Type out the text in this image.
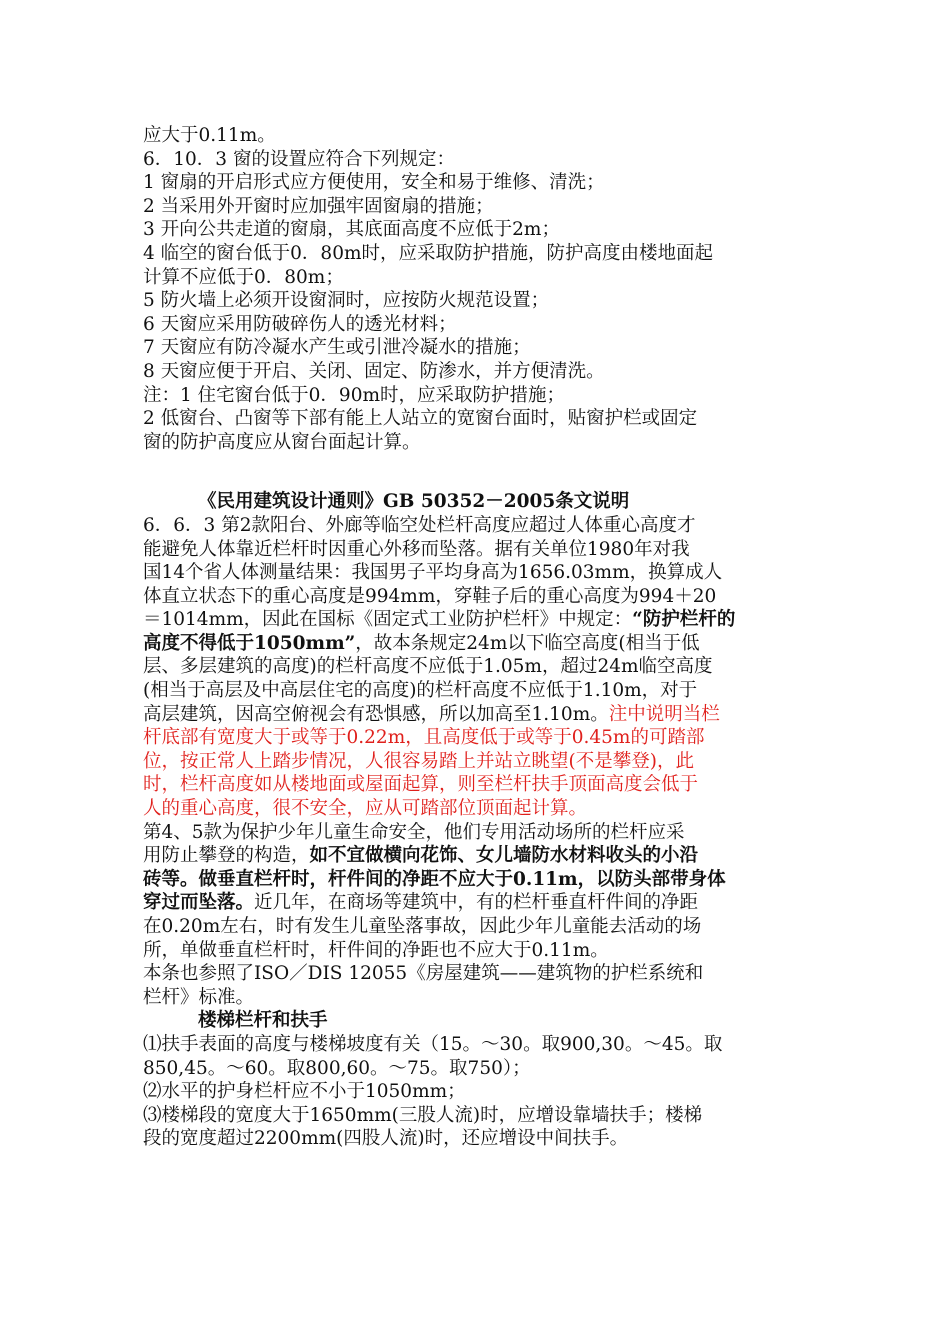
应大于0.11m。
6．10．3 窗的设置应符合下列规定：
1 窗扇的开启形式应方便使用，安全和易于维修、清洗；
2 当采用外开窗时应加强牢固窗扇的措施；
3 开向公共走道的窗扇，其底面高度不应低于2m；
4 临空的窗台低于0．80m时，应采取防护措施，防护高度由楼地面起
计算不应低于0．80m；
5 防火墙上必须开设窗洞时，应按防火规范设置；
6 天窗应采用防破碎伤人的透光材料；
7 天窗应有防冷凝水产生或引泄冷凝水的措施；
8 天窗应便于开启、关闭、固定、防渗水，并方便清洗。
注：1 住宅窗台低于0．90m时，应采取防护措施；
2 低窗台、凸窗等下部有能上人站立的宽窗台面时，贴窗护栏或固定
窗的防护高度应从窗台面起计算。
《民用建筑设计通则》GB 50352－2005条文说明
6．6．3 第2款阳台、外廊等临空处栏杆高度应超过人体重心高度才
能避免人体靠近栏杆时因重心外移而坠落。据有关单位1980年对我
国14个省人体测量结果：我国男子平均身高为1656.03mm，换算成人
体直立状态下的重心高度是994mm，穿鞋子后的重心高度为994＋20
＝1014mm，因此在国标《固定式工业防护栏杆》中规定：“防护栏杆的
高度不得低于1050mm”，故本条规定24m以下临空高度(相当于低
层、多层建筑的高度)的栏杆高度不应低于1.05m，超过24m临空高度
(相当于高层及中高层住宅的高度)的栏杆高度不应低于1.10m，对于
高层建筑，因高空俯视会有恐惧感，所以加高至1.10m。注中说明当栏
杆底部有宽度大于或等于0.22m，且高度低于或等于0.45m的可踏部
位，按正常人上踏步情况，人很容易踏上并站立眺望(不是攀登)，此
时，栏杆高度如从楼地面或屋面起算，则至栏杆扶手顶面高度会低于
人的重心高度，很不安全，应从可踏部位顶面起计算。
第4、5款为保护少年儿童生命安全，他们专用活动场所的栏杆应采
用防止攀登的构造，如不宜做横向花饰、女儿墙防水材料收头的小沿
砖等。做垂直栏杆时，杆件间的净距不应大于0.11m，以防头部带身体
穿过而坠落。近几年，在商场等建筑中，有的栏杆垂直杆件间的净距
在0.20m左右，时有发生儿童坠落事故，因此少年儿童能去活动的场
所，单做垂直栏杆时，杆件间的净距也不应大于0.11m。
本条也参照了ISO／DIS 12055《房屋建筑——建筑物的护栏系统和
栏杆》标准。
楼梯栏杆和扶手
⑴扶手表面的高度与楼梯坡度有关（15。～30。取900,30。～45。取
850,45。～60。取800,60。～75。取750）；
⑵水平的护身栏杆应不小于1050mm；
⑶楼梯段的宽度大于1650mm(三股人流)时，应增设靠墙扶手；楼梯
段的宽度超过2200mm(四股人流)时，还应增设中间扶手。
